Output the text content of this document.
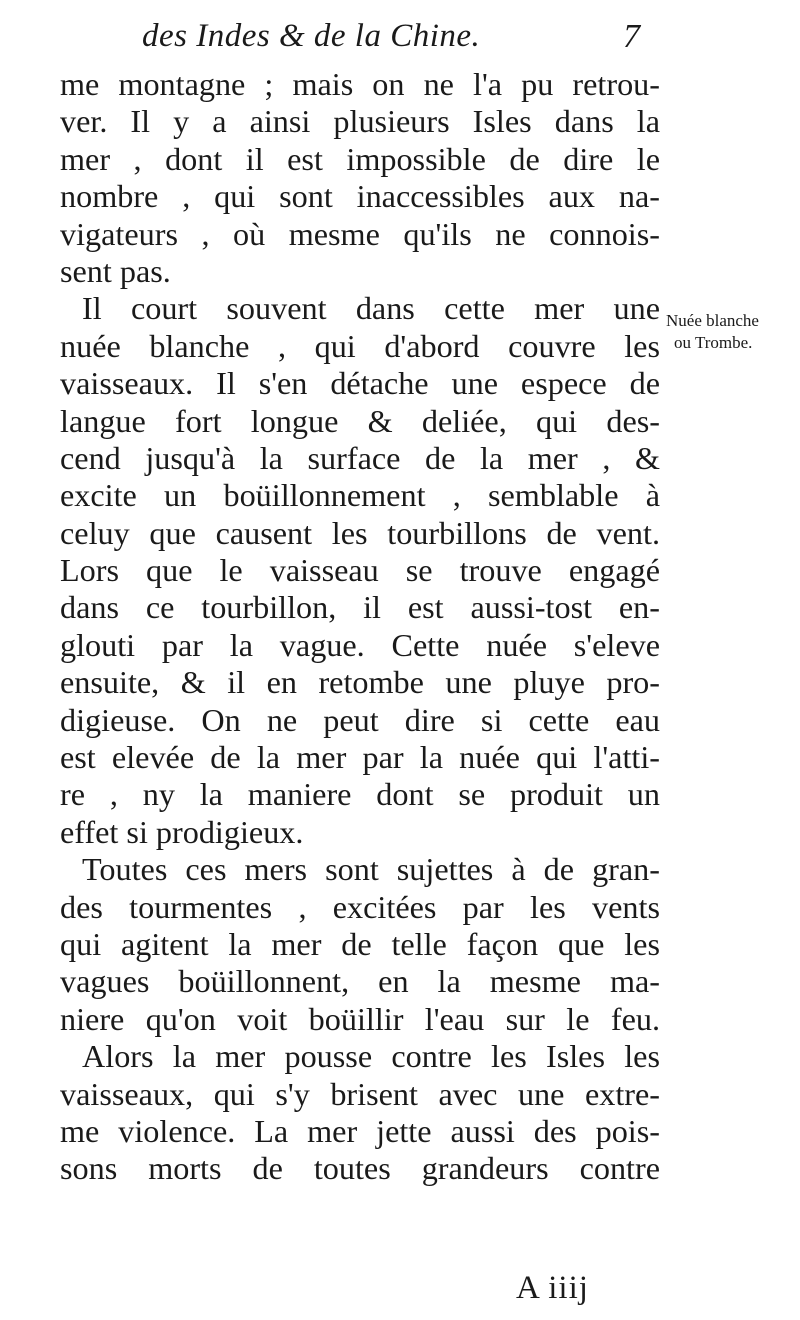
des Indes & de la Chine.	7
me montagne ; mais on ne l'a pu retrou-
ver. Il y a ainsi plusieurs Isles dans la
mer , dont il est impossible de dire le
nombre , qui sont inaccessibles aux na-
vigateurs , où mesme qu'ils ne connois-
sent pas.
Il court souvent dans cette mer une
nuée blanche , qui d'abord couvre les
vaisseaux. Il s'en détache une espece de
langue fort longue & deliée, qui des-
cend jusqu'à la surface de la mer , &
excite un boüillonnement , semblable à
celuy que causent les tourbillons de vent.
Lors que le vaisseau se trouve engagé
dans ce tourbillon, il est aussi-tost en-
glouti par la vague. Cette nuée s'eleve
ensuite, & il en retombe une pluye pro-
digieuse. On ne peut dire si cette eau
est elevée de la mer par la nuée qui l'atti-
re , ny la maniere dont se produit un
effet si prodigieux.
Toutes ces mers sont sujettes à de gran-
des tourmentes , excitées par les vents
qui agitent la mer de telle façon que les
vagues boüillonnent, en la mesme ma-
niere qu'on voit boüillir l'eau sur le feu.
Alors la mer pousse contre les Isles les
vaisseaux, qui s'y brisent avec une extre-
me violence. La mer jette aussi des pois-
sons morts de toutes grandeurs contre
Nuée blanche
ou Trombe.
A iiij
